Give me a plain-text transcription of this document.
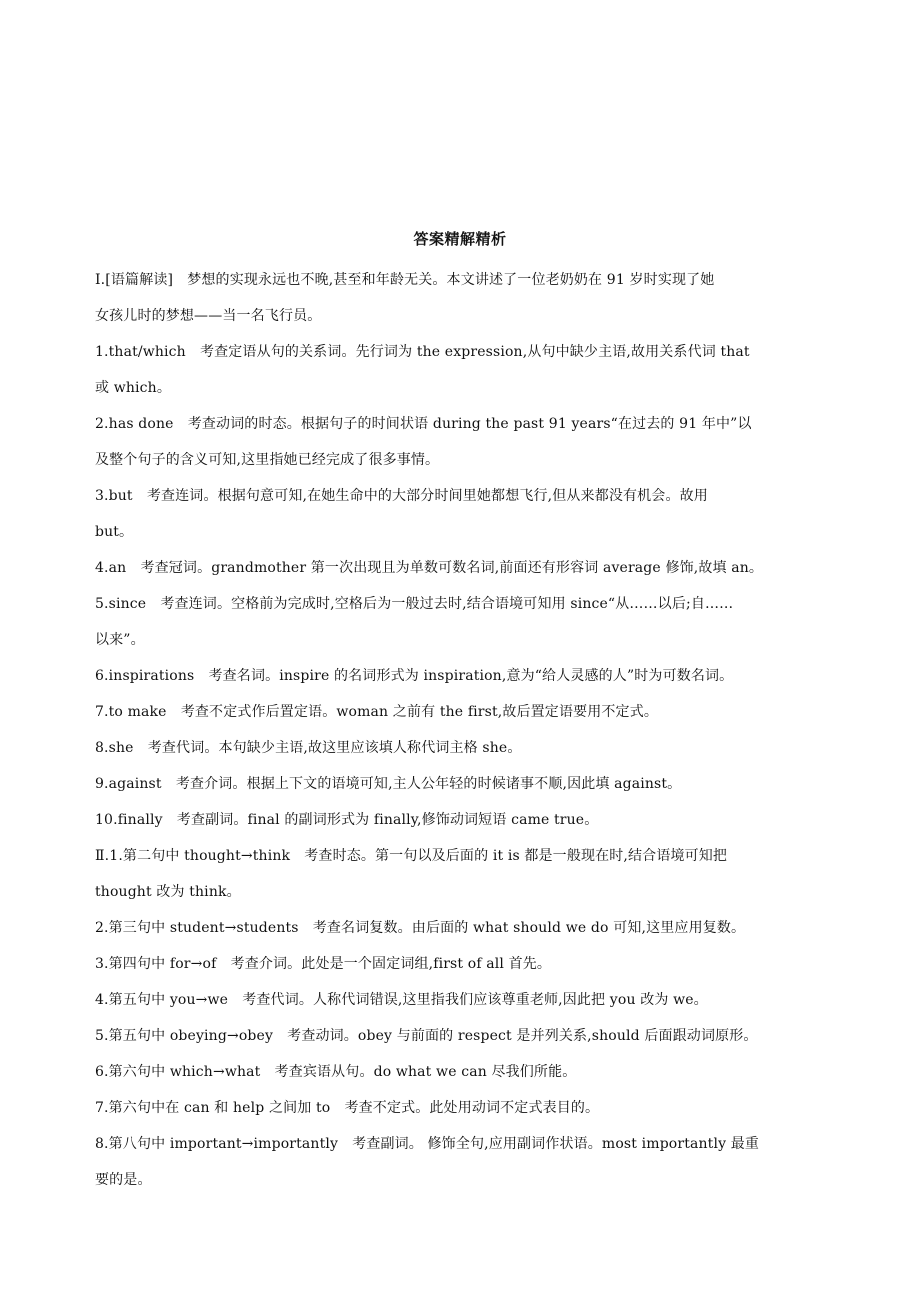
答案精解精析
Ⅰ.[语篇解读]　梦想的实现永远也不晚,甚至和年龄无关。本文讲述了一位老奶奶在 91 岁时实现了她
女孩儿时的梦想——当一名飞行员。
1.that/which　考查定语从句的关系词。先行词为 the expression,从句中缺少主语,故用关系代词 that
或 which。
2.has done　考查动词的时态。根据句子的时间状语 during the past 91 years“在过去的 91 年中”以
及整个句子的含义可知,这里指她已经完成了很多事情。
3.but　考查连词。根据句意可知,在她生命中的大部分时间里她都想飞行,但从来都没有机会。故用
but。
4.an　考查冠词。grandmother 第一次出现且为单数可数名词,前面还有形容词 average 修饰,故填 an。
5.since　考查连词。空格前为完成时,空格后为一般过去时,结合语境可知用 since“从……以后;自……
以来”。
6.inspirations　考查名词。inspire 的名词形式为 inspiration,意为“给人灵感的人”时为可数名词。
7.to make　考查不定式作后置定语。woman 之前有 the first,故后置定语要用不定式。
8.she　考查代词。本句缺少主语,故这里应该填人称代词主格 she。
9.against　考查介词。根据上下文的语境可知,主人公年轻的时候诸事不顺,因此填 against。
10.finally　考查副词。final 的副词形式为 finally,修饰动词短语 came true。
Ⅱ.1.第二句中 thought→think　考查时态。第一句以及后面的 it is 都是一般现在时,结合语境可知把
thought 改为 think。
2.第三句中 student→students　考查名词复数。由后面的 what should we do 可知,这里应用复数。
3.第四句中 for→of　考查介词。此处是一个固定词组,first of all 首先。
4.第五句中 you→we　考查代词。人称代词错误,这里指我们应该尊重老师,因此把 you 改为 we。
5.第五句中 obeying→obey　考查动词。obey 与前面的 respect 是并列关系,should 后面跟动词原形。
6.第六句中 which→what　考查宾语从句。do what we can 尽我们所能。
7.第六句中在 can 和 help 之间加 to　考查不定式。此处用动词不定式表目的。
8.第八句中 important→importantly　考查副词。 修饰全句,应用副词作状语。most importantly 最重
要的是。
